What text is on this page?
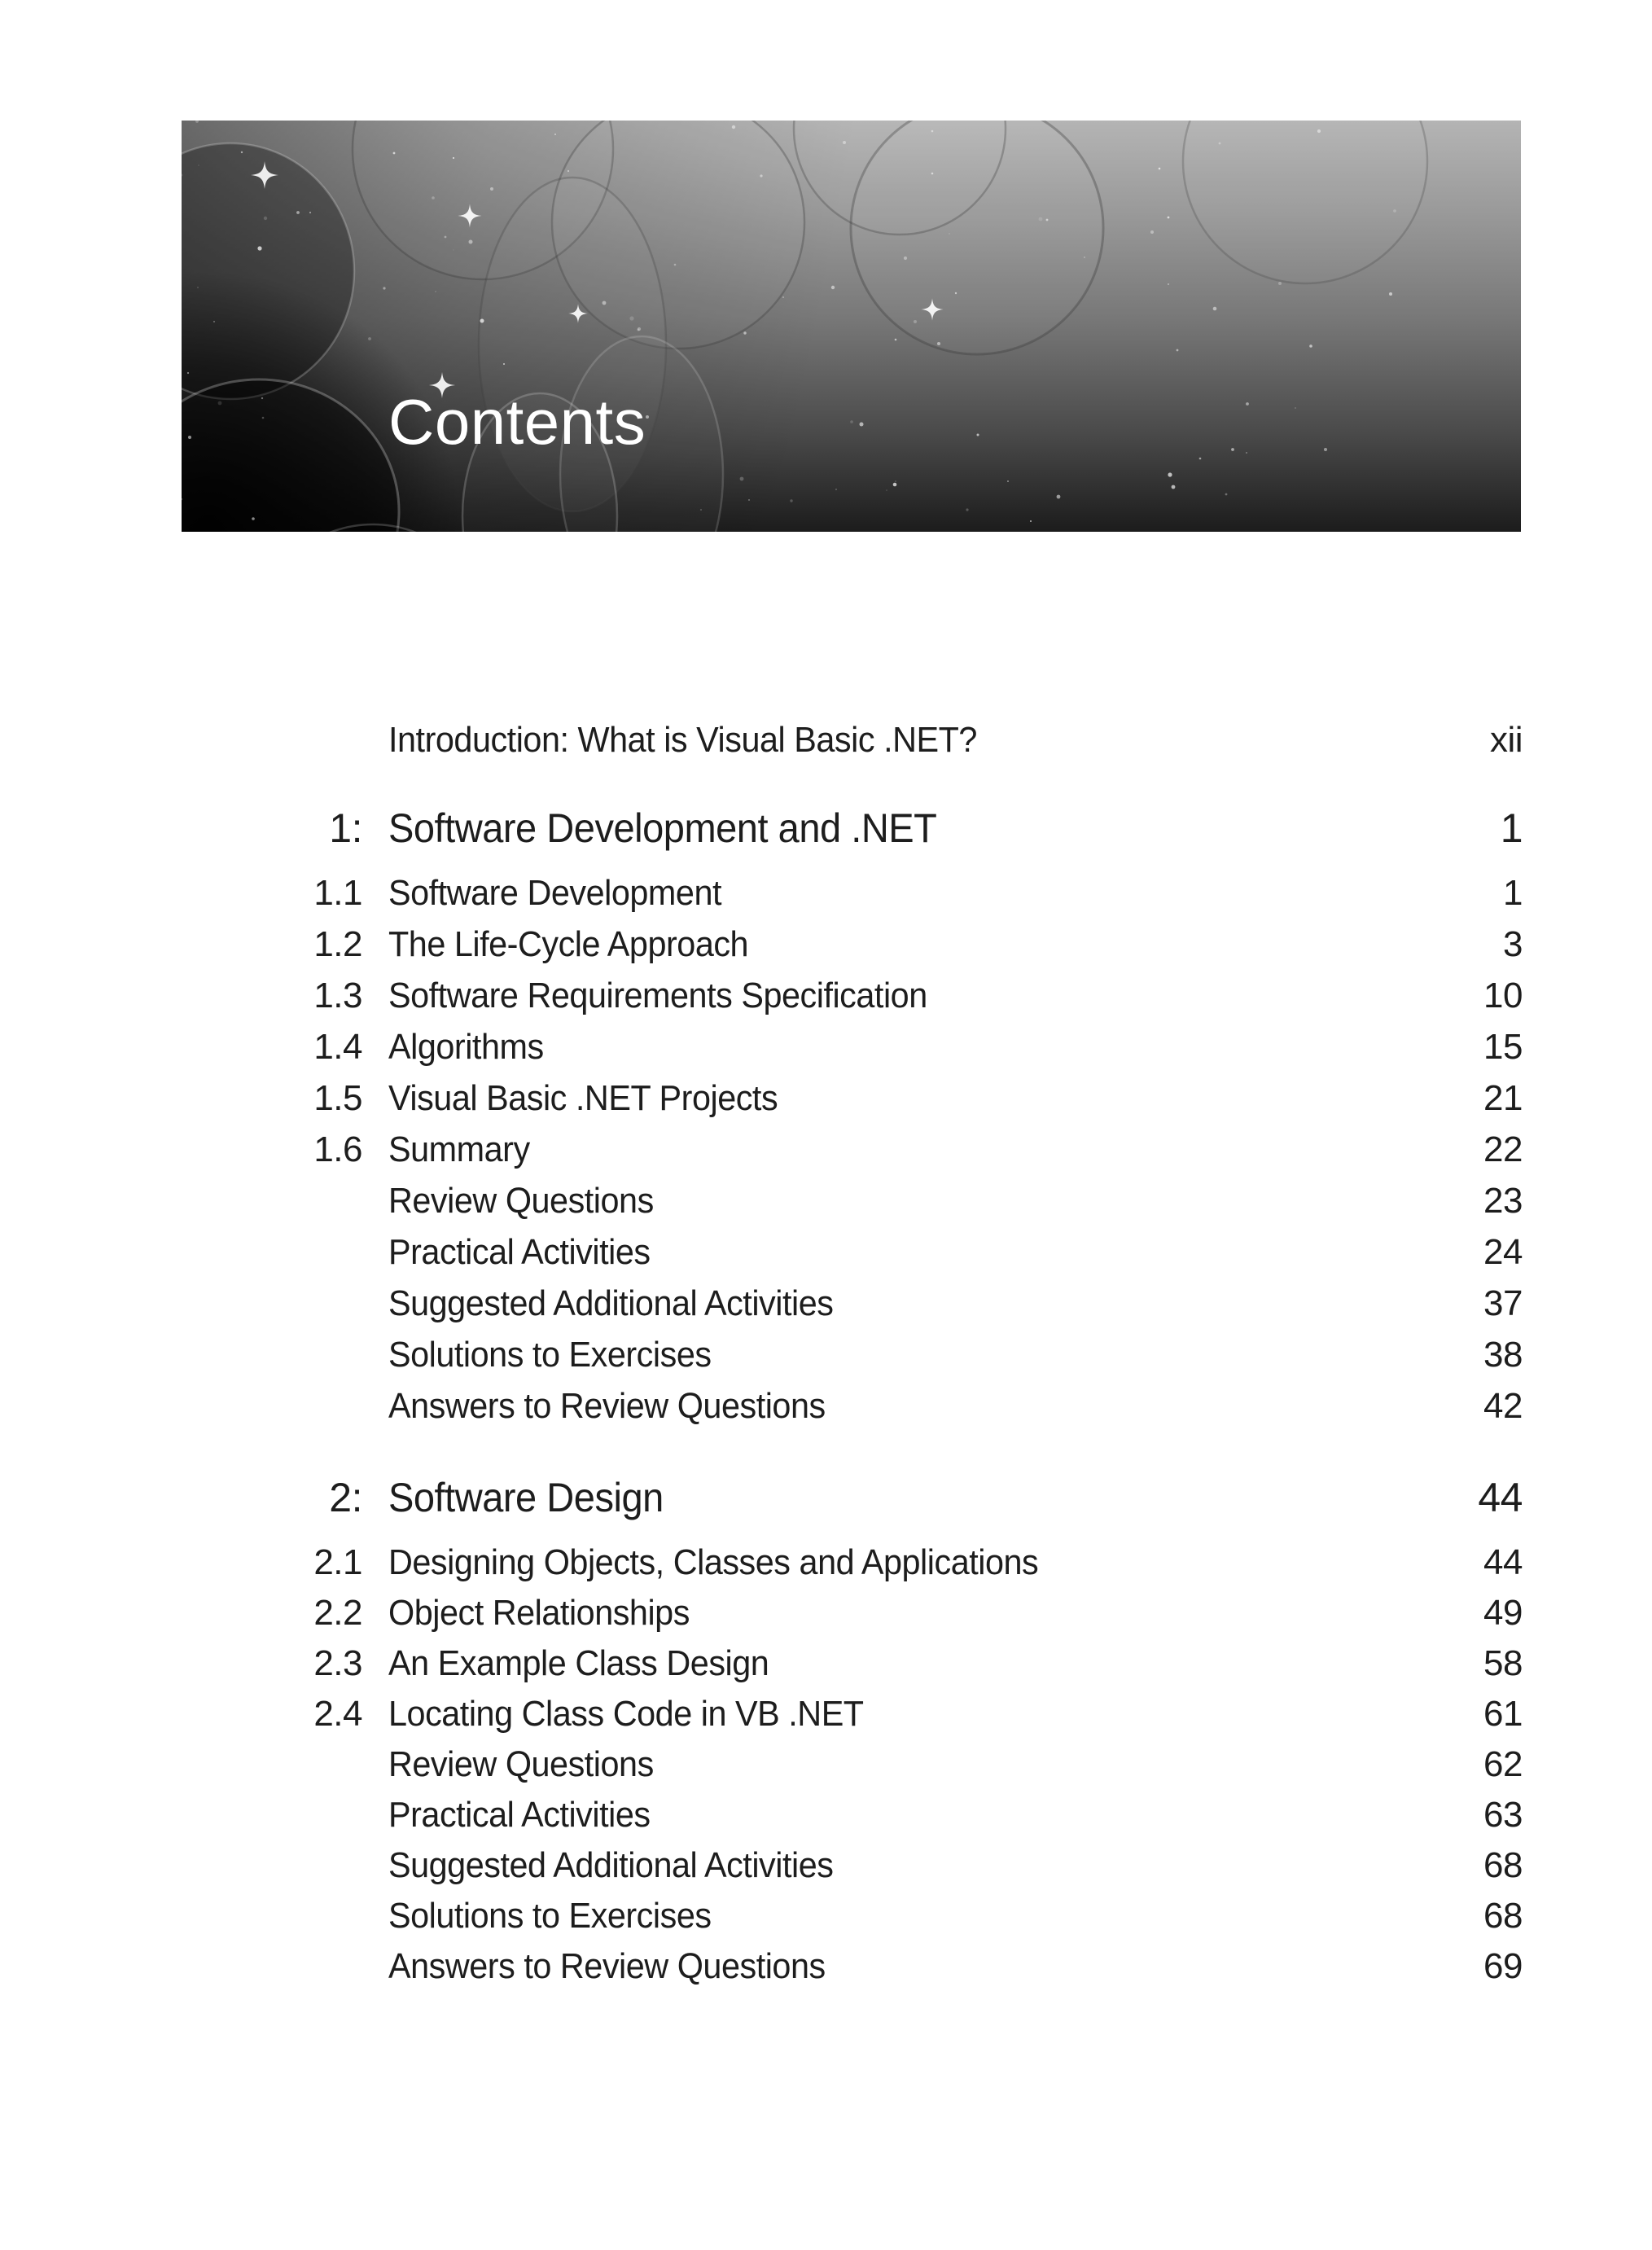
Contents
Introduction: What is Visual Basic .NET?	xii
1: Software Development and .NET	1
1.1 Software Development	1
1.2 The Life-Cycle Approach	3
1.3 Software Requirements Specification	10
1.4 Algorithms	15
1.5 Visual Basic .NET Projects	21
1.6 Summary	22
Review Questions	23
Practical Activities	24
Suggested Additional Activities	37
Solutions to Exercises	38
Answers to Review Questions	42
2: Software Design	44
2.1 Designing Objects, Classes and Applications	44
2.2 Object Relationships	49
2.3 An Example Class Design	58
2.4 Locating Class Code in VB .NET	61
Review Questions	62
Practical Activities	63
Suggested Additional Activities	68
Solutions to Exercises	68
Answers to Review Questions	69
